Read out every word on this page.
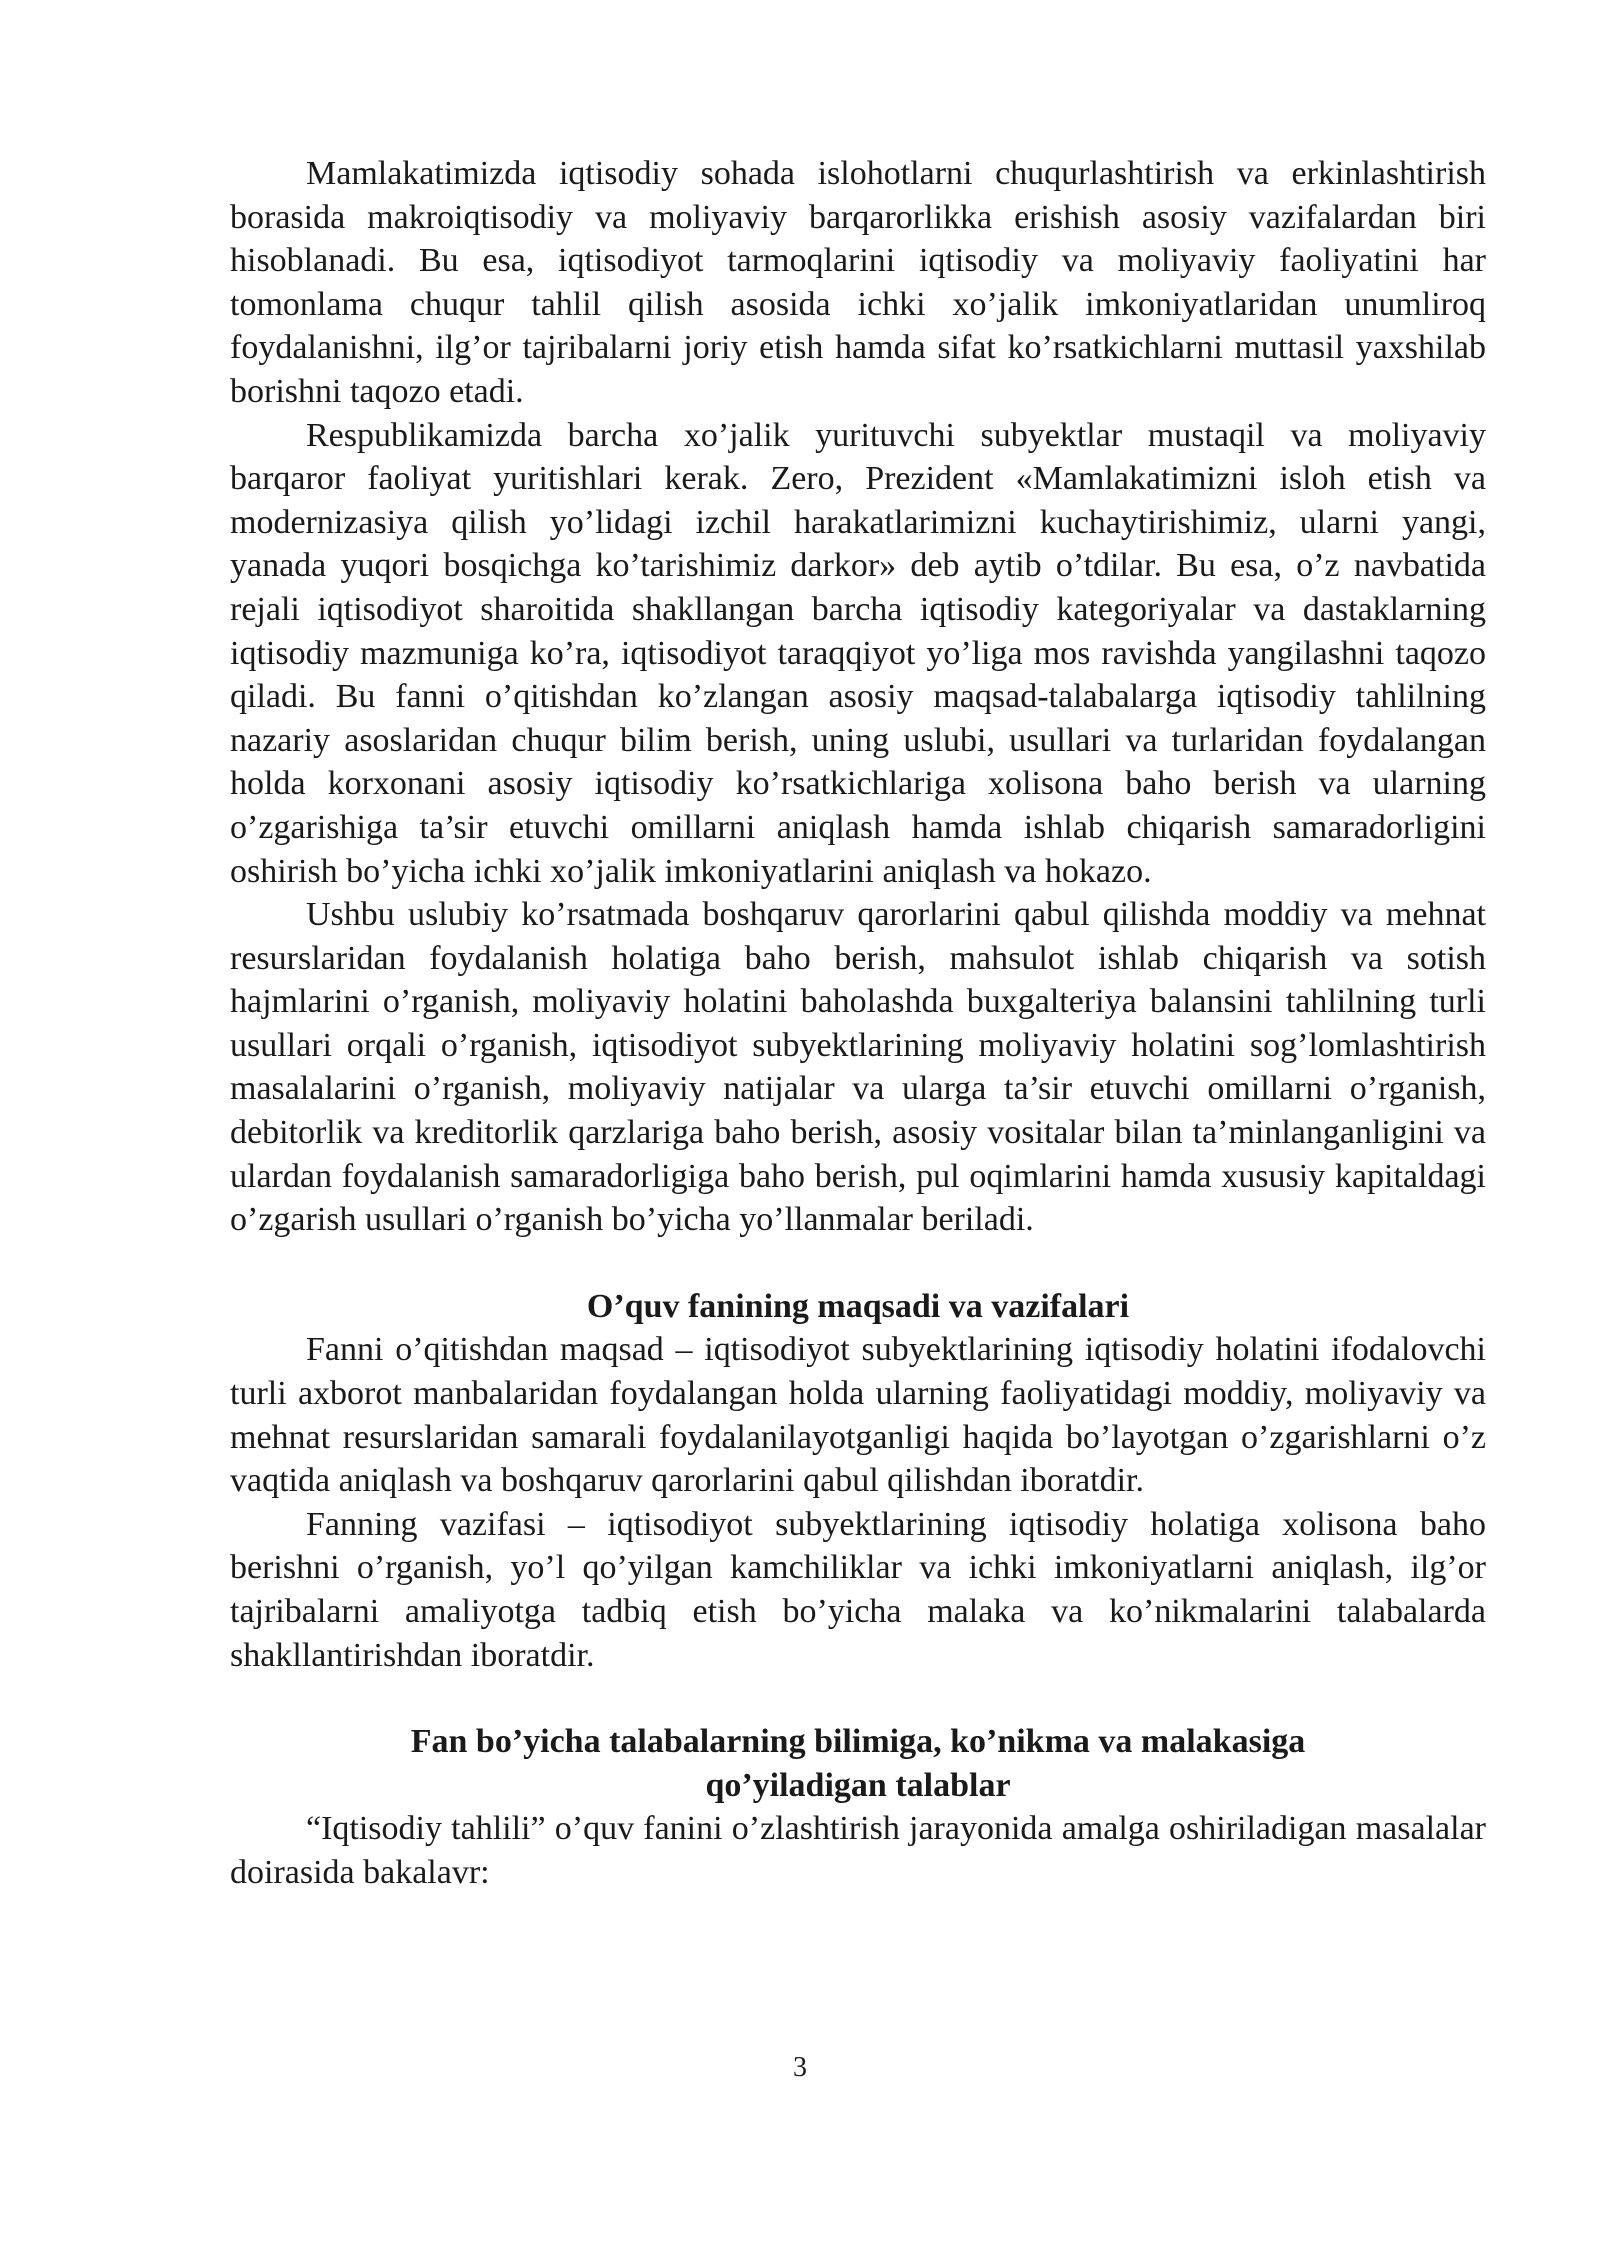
Mamlakatimizda iqtisodiy sohada islohotlarni chuqurlashtirish va erkinlashtirish borasida makroiqtisodiy va moliyaviy barqarorlikka erishish asosiy vazifalardan biri hisoblanadi. Bu esa, iqtisodiyot tarmoqlarini iqtisodiy va moliyaviy faoliyatini har tomonlama chuqur tahlil qilish asosida ichki xo’jalik imkoniyatlaridan unumliroq foydalanishni, ilg’or tajribalarni joriy etish hamda sifat ko’rsatkichlarni muttasil yaxshilab borishni taqozo etadi.

Respublikamizda barcha xo’jalik yurituvchi subyektlar mustaqil va moliyaviy barqaror faoliyat yuritishlari kerak. Zero, Prezident «Mamlakatimizni isloh etish va modernizasiya qilish yo’lidagi izchil harakatlarimizni kuchaytirishimiz, ularni yangi, yanada yuqori bosqichga ko’tarishimiz darkor» deb aytib o’tdilar. Bu esa, o’z navbatida rejali iqtisodiyot sharoitida shakllangan barcha iqtisodiy kategoriyalar va dastaklarning iqtisodiy mazmuniga ko’ra, iqtisodiyot taraqqiyot yo’liga mos ravishda yangilashni taqozo qiladi. Bu fanni o’qitishdan ko’zlangan asosiy maqsad-talabalarga iqtisodiy tahlilning nazariy asoslaridan chuqur bilim berish, uning uslubi, usullari va turlaridan foydalangan holda korxonani asosiy iqtisodiy ko’rsatkichlariga xolisona baho berish va ularning o’zgarishiga ta’sir etuvchi omillarni aniqlash hamda ishlab chiqarish samaradorligini oshirish bo’yicha ichki xo’jalik imkoniyatlarini aniqlash va hokazo.

Ushbu uslubiy ko’rsatmada boshqaruv qarorlarini qabul qilishda moddiy va mehnat resurslaridan foydalanish holatiga baho berish, mahsulot ishlab chiqarish va sotish hajmlarini o’rganish, moliyaviy holatini baholashda buxgalteriya balansini tahlilning turli usullari orqali o’rganish, iqtisodiyot subyektlarining moliyaviy holatini sog’lomlashtirish masalalarini o’rganish, moliyaviy natijalar va ularga ta’sir etuvchi omillarni o’rganish, debitorlik va kreditorlik qarzlariga baho berish, asosiy vositalar bilan ta’minlanganligini va ulardan foydalanish samaradorligiga baho berish, pul oqimlarini hamda xususiy kapitaldagi o’zgarish usullari o’rganish bo’yicha yo’llanmalar beriladi.

O’quv fanining maqsadi va vazifalari

Fanni o’qitishdan maqsad – iqtisodiyot subyektlarining iqtisodiy holatini ifodalovchi turli axborot manbalaridan foydalangan holda ularning faoliyatidagi moddiy, moliyaviy va mehnat resurslaridan samarali foydalanilayotganligi haqida bo’layotgan o’zgarishlarni o’z vaqtida aniqlash va boshqaruv qarorlarini qabul qilishdan iboratdir.

Fanning vazifasi – iqtisodiyot subyektlarining iqtisodiy holatiga xolisona baho berishni o’rganish, yo’l qo’yilgan kamchiliklar va ichki imkoniyatlarni aniqlash, ilg’or tajribalarni amaliyotga tadbiq etish bo’yicha malaka va ko’nikmalarini talabalarda shakllantirishdan iboratdir.

Fan bo’yicha talabalarning bilimiga, ko’nikma va malakasiga
qo’yiladigan talablar

“Iqtisodiy tahlili” o’quv fanini o’zlashtirish jarayonida amalga oshiriladigan masalalar doirasida bakalavr:

3
